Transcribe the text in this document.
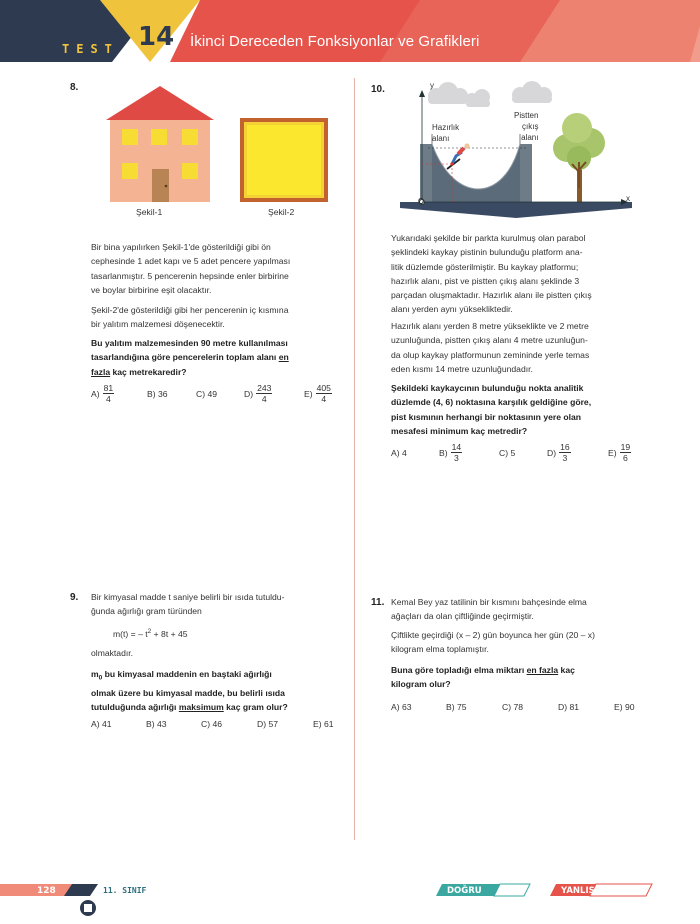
TEST 14 İkinci Dereceden Fonksiyonlar ve Grafikleri
8.
Şekil-1	Şekil-2
Bir bina yapılırken Şekil-1'de gösterildiği gibi ön
cephesinde 1 adet kapı ve 5 adet pencere yapılması
tasarlanmıştır. 5 pencerenin hepsinde enler birbirine
ve boylar birbirine eşit olacaktır.
Şekil-2'de gösterildiği gibi her pencerenin iç kısmına
bir yalıtım malzemesi döşenecektir.
Bu yalıtım malzemesinden 90 metre kullanılması
tasarlandığına göre pencerelerin toplam alanı en
fazla kaç metrekaredir?
$A) \frac{81}{4}$	B) 36	C) 49	$D) \frac{243}{4}$	$E) \frac{405}{4}$
9. Bir kimyasal madde t saniye belirli bir ısıda tutuldu-
ğunda ağırlığı gram türünden
m(t) = – $t^2 + 8t + 45$
olmaktadır.
$m_0$ bu kimyasal maddenin en baştaki ağırlığı
olmak üzere bu kimyasal madde, bu belirli ısıda
tutulduğunda ağırlığı maksimum kaç gram olur?
A) 41	B) 43	C) 46	D) 57	E) 61
10.	y
x
O
Hazırlık
alanı
Pistten
çıkış
alanı
Yukarıdaki şekilde bir parkta kurulmuş olan parabol
şeklindeki kaykay pistinin bulunduğu platform ana-
litik düzlemde gösterilmiştir. Bu kaykay platformu;
hazırlık alanı, pist ve pistten çıkış alanı şeklinde 3
parçadan oluşmaktadır. Hazırlık alanı ile pistten çıkış
alanı yerden aynı yüksekliktedir.
Hazırlık alanı yerden 8 metre yükseklikte ve 2 metre
uzunluğunda, pistten çıkış alanı 4 metre uzunluğun-
da olup kaykay platformunun zemininde yerle temas
eden kısmı 14 metre uzunluğundadır.
Şekildeki kaykaycının bulunduğu nokta analitik
düzlemde (4, 6) noktasına karşılık geldiğine göre,
pist kısmının herhangi bir noktasının yere olan
mesafesi minimum kaç metredir?
A) 4	$B) \frac{14}{3}$	C) 5	$D) \frac{16}{3}$	$E) \frac{19}{6}$
11. Kemal Bey yaz tatilinin bir kısmını bahçesinde elma
ağaçları da olan çiftliğinde geçirmiştir.
Çiftlikte geçirdiği (x – 2) gün boyunca her gün (20 – x)
kilogram elma toplamıştır.
Buna göre topladığı elma miktarı en fazla kaç
kilogram olur?
A) 63	B) 75	C) 78	D) 81	E) 90
128	11. SINIF	DOĞRU	YANLIŞ
